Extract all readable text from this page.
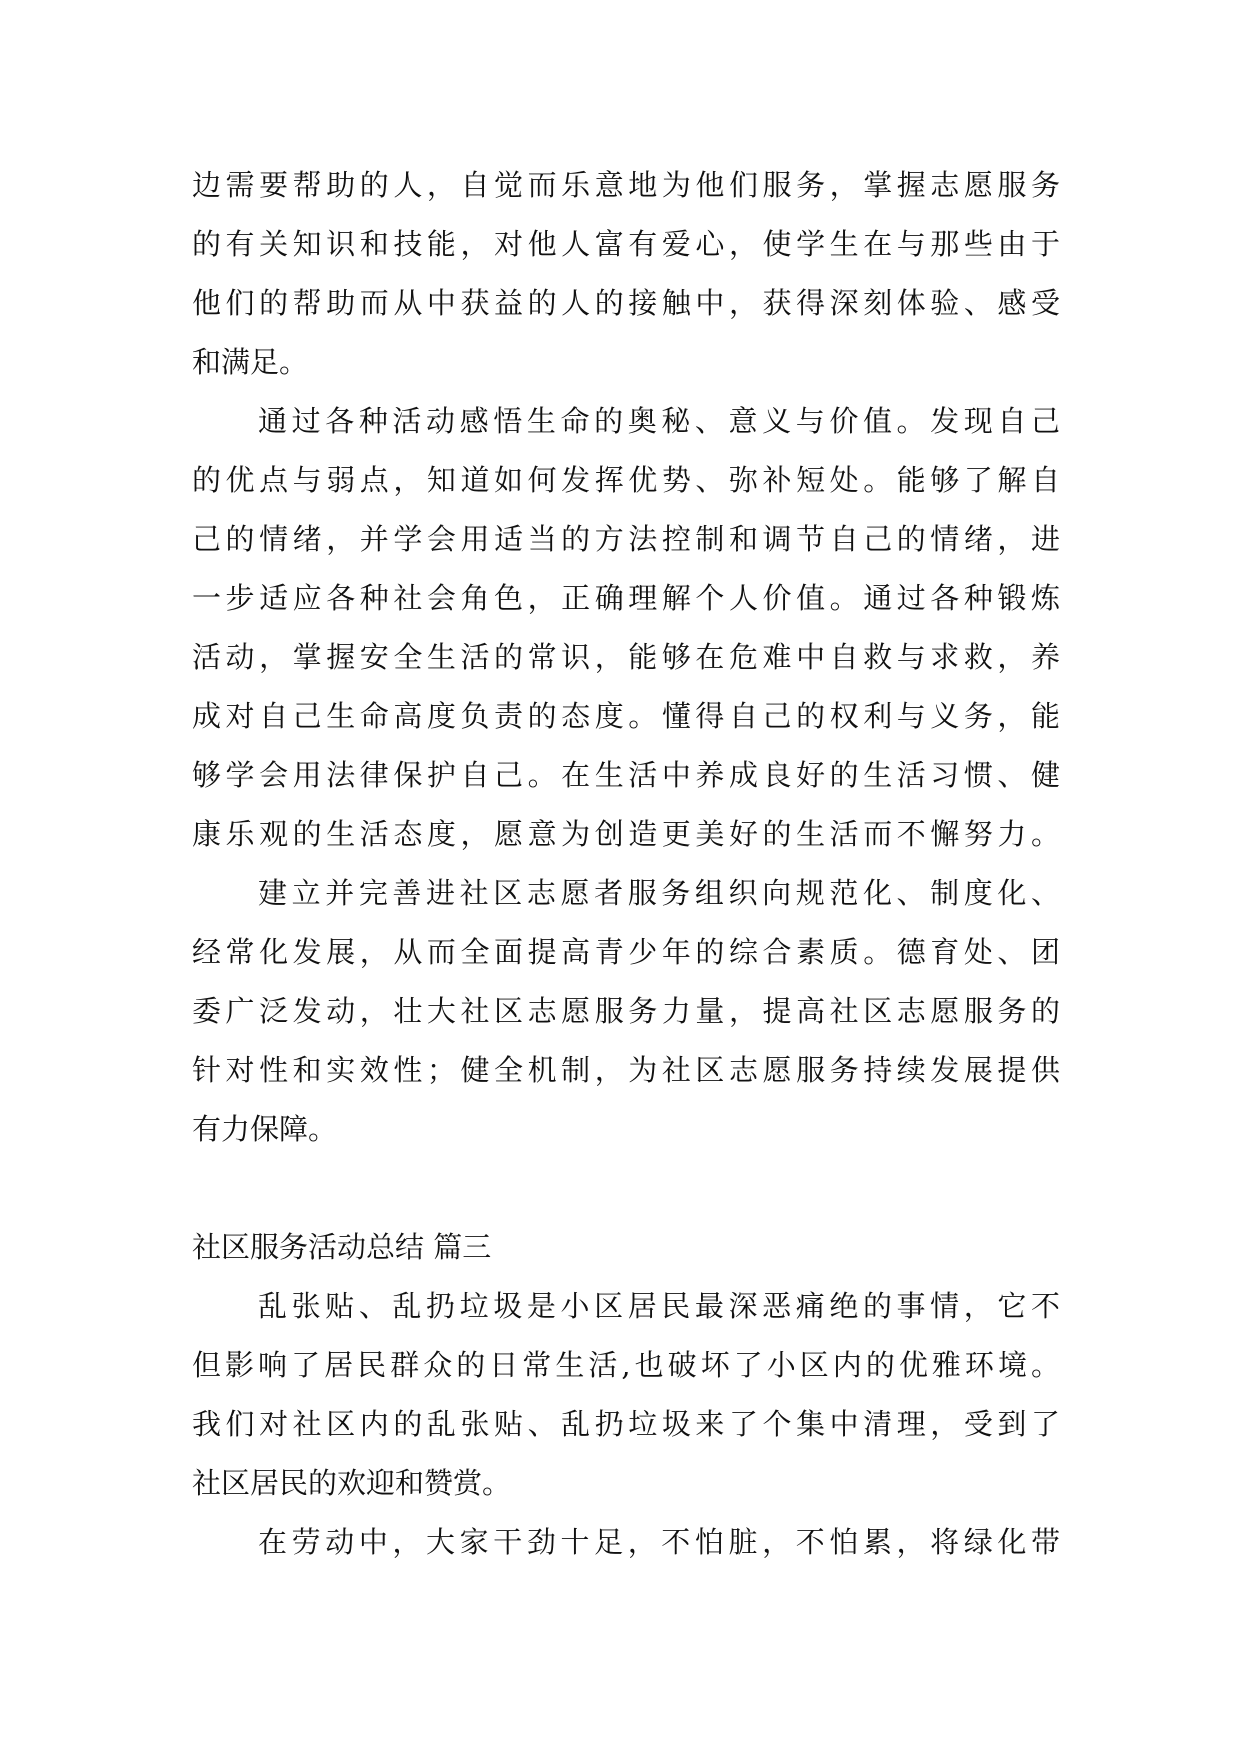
边需要帮助的人，自觉而乐意地为他们服务，掌握志愿服务
的有关知识和技能，对他人富有爱心，使学生在与那些由于
他们的帮助而从中获益的人的接触中，获得深刻体验、感受
和满足。
通过各种活动感悟生命的奥秘、意义与价值。发现自己
的优点与弱点，知道如何发挥优势、弥补短处。能够了解自
己的情绪，并学会用适当的方法控制和调节自己的情绪，进
一步适应各种社会角色，正确理解个人价值。通过各种锻炼
活动，掌握安全生活的常识，能够在危难中自救与求救，养
成对自己生命高度负责的态度。懂得自己的权利与义务，能
够学会用法律保护自己。在生活中养成良好的生活习惯、健
康乐观的生活态度，愿意为创造更美好的生活而不懈努力。
建立并完善进社区志愿者服务组织向规范化、制度化、
经常化发展，从而全面提高青少年的综合素质。德育处、团
委广泛发动，壮大社区志愿服务力量，提高社区志愿服务的
针对性和实效性；健全机制，为社区志愿服务持续发展提供
有力保障。
社区服务活动总结 篇三
乱张贴、乱扔垃圾是小区居民最深恶痛绝的事情，它不
但影响了居民群众的日常生活,也破坏了小区内的优雅环境。
我们对社区内的乱张贴、乱扔垃圾来了个集中清理，受到了
社区居民的欢迎和赞赏。
在劳动中，大家干劲十足，不怕脏，不怕累，将绿化带
